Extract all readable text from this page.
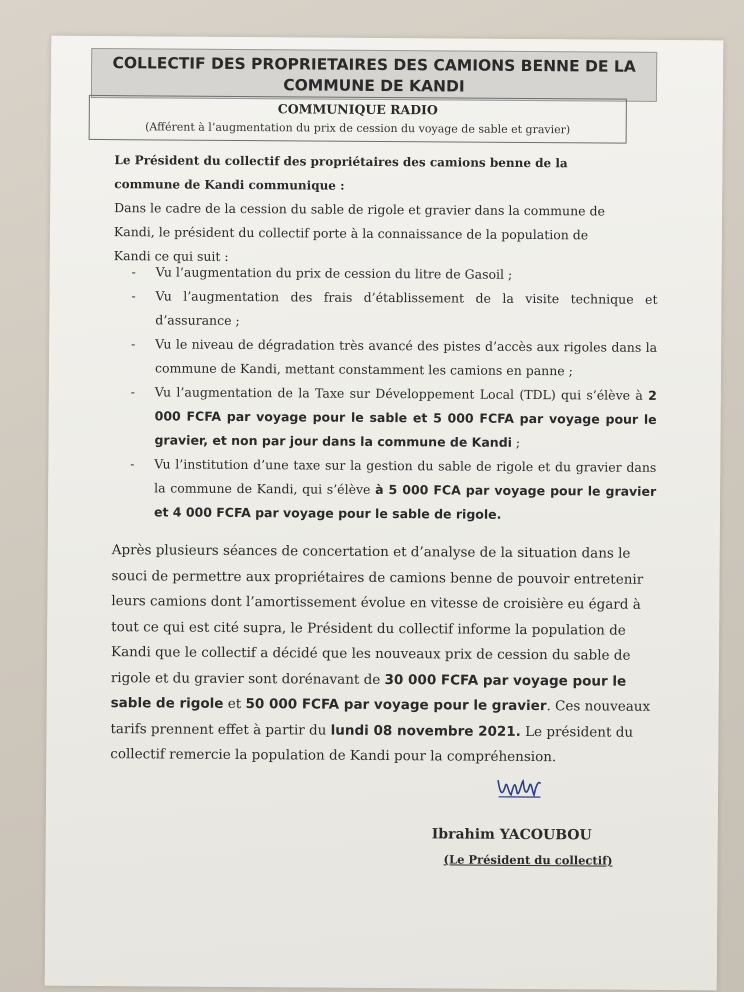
COLLECTIF DES PROPRIETAIRES DES CAMIONS BENNE DE LA
COMMUNE DE KANDI
COMMUNIQUE RADIO
(Afférent à l’augmentation du prix de cession du voyage de sable et gravier)
Le Président du collectif des propriétaires des camions benne de la
commune de Kandi communique :
Dans le cadre de la cession du sable de rigole et gravier dans la commune de
Kandi, le président du collectif porte à la connaissance de la population de
Kandi ce qui suit :
- Vu l’augmentation du prix de cession du litre de Gasoil ;
- Vu l’augmentation des frais d’établissement de la visite technique et d’assurance ;
- Vu le niveau de dégradation très avancé des pistes d’accès aux rigoles dans la commune de Kandi, mettant constamment les camions en panne ;
- Vu l’augmentation de la Taxe sur Développement Local (TDL) qui s’élève à 2 000 FCFA par voyage pour le sable et 5 000 FCFA par voyage pour le gravier, et non par jour dans la commune de Kandi ;
- Vu l’institution d’une taxe sur la gestion du sable de rigole et du gravier dans la commune de Kandi, qui s’élève à 5 000 FCA par voyage pour le gravier et 4 000 FCFA par voyage pour le sable de rigole.
Après plusieurs séances de concertation et d’analyse de la situation dans le souci de permettre aux propriétaires de camions benne de pouvoir entretenir leurs camions dont l’amortissement évolue en vitesse de croisière eu égard à tout ce qui est cité supra, le Président du collectif informe la population de Kandi que le collectif a décidé que les nouveaux prix de cession du sable de rigole et du gravier sont dorénavant de 30 000 FCFA par voyage pour le sable de rigole et 50 000 FCFA par voyage pour le gravier. Ces nouveaux tarifs prennent effet à partir du lundi 08 novembre 2021. Le président du collectif remercie la population de Kandi pour la compréhension.
Ibrahim YACOUBOU
(Le Président du collectif)
